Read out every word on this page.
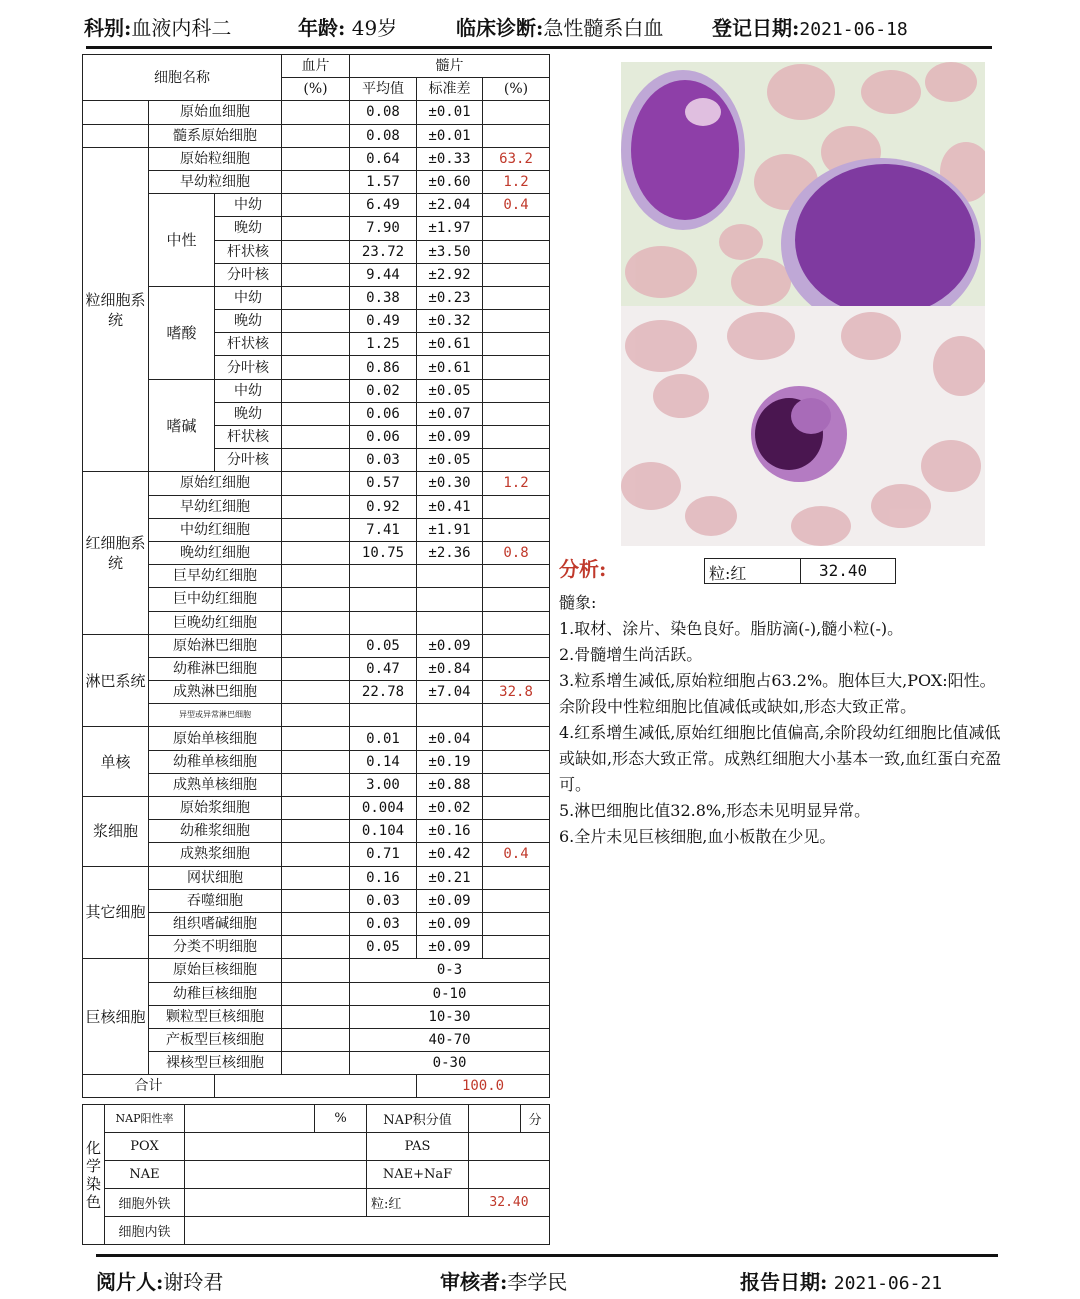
科别:血液内科二	年龄: 49岁	临床诊断:急性髓系白血 登记日期:2021-06-18
细胞名称			血片	髓片		
			(%)	平均值	标准差	(%)
	原始血细胞			0.08	±0.01	
	髓系原始细胞			0.08	±0.01	
粒细胞系统	原始粒细胞			0.64	±0.33	63.2
	早幼粒细胞			1.57	±0.60	1.2
	中性	中幼		6.49	±2.04	0.4
		晚幼		7.90	±1.97	
		杆状核		23.72	±3.50	
		分叶核		9.44	±2.92	
	嗜酸	中幼		0.38	±0.23	
		晚幼		0.49	±0.32	
		杆状核		1.25	±0.61	
		分叶核		0.86	±0.61	
	嗜碱	中幼		0.02	±0.05	
		晚幼		0.06	±0.07	
		杆状核		0.06	±0.09	
		分叶核		0.03	±0.05	
红细胞系统	原始红细胞			0.57	±0.30	1.2
	早幼红细胞			0.92	±0.41	
	中幼红细胞			7.41	±1.91	
	晚幼红细胞			10.75	±2.36	0.8
	巨早幼红细胞					
	巨中幼红细胞					
	巨晚幼红细胞					
淋巴系统	原始淋巴细胞			0.05	±0.09	
	幼稚淋巴细胞			0.47	±0.84	
	成熟淋巴细胞			22.78	±7.04	32.8
	异型或异常淋巴细胞					
单核	原始单核细胞			0.01	±0.04	
	幼稚单核细胞			0.14	±0.19	
	成熟单核细胞			3.00	±0.88	
浆细胞	原始浆细胞			0.004	±0.02	
	幼稚浆细胞			0.104	±0.16	
	成熟浆细胞			0.71	±0.42	0.4
其它细胞	网状细胞			0.16	±0.21	
	吞噬细胞			0.03	±0.09	
	组织嗜碱细胞			0.03	±0.09	
	分类不明细胞			0.05	±0.09	
巨核细胞	原始巨核细胞			0-3		
	幼稚巨核细胞			0-10		
	颗粒型巨核细胞			10-30		
	产板型巨核细胞			40-70		
	裸核型巨核细胞			0-30		
合计					100.0	
化学染色	NAP阳性率		%	NAP积分值		分
	POX			PAS		
	NAE			NAE+NaF		
	细胞外铁			粒:红	32.40	
	细胞内铁					
分析:	粒:红	32.40

髓象:

1.取材、涂片、染色良好。脂肪滴(-),髓小粒(-)。

2.骨髓增生尚活跃。

3.粒系增生减低,原始粒细胞占63.2%。胞体巨大,POX:阳性。余阶段中性粒细胞比值减低或缺如,形态大致正常。

4.红系增生减低,原始红细胞比值偏高,余阶段幼红细胞比值减低或缺如,形态大致正常。成熟红细胞大小基本一致,血红蛋白充盈可。

5.淋巴细胞比值32.8%,形态未见明显异常。

6.全片未见巨核细胞,血小板散在少见。

阅片人:谢玲君	审核者:李学民	报告日期: 2021-06-21
